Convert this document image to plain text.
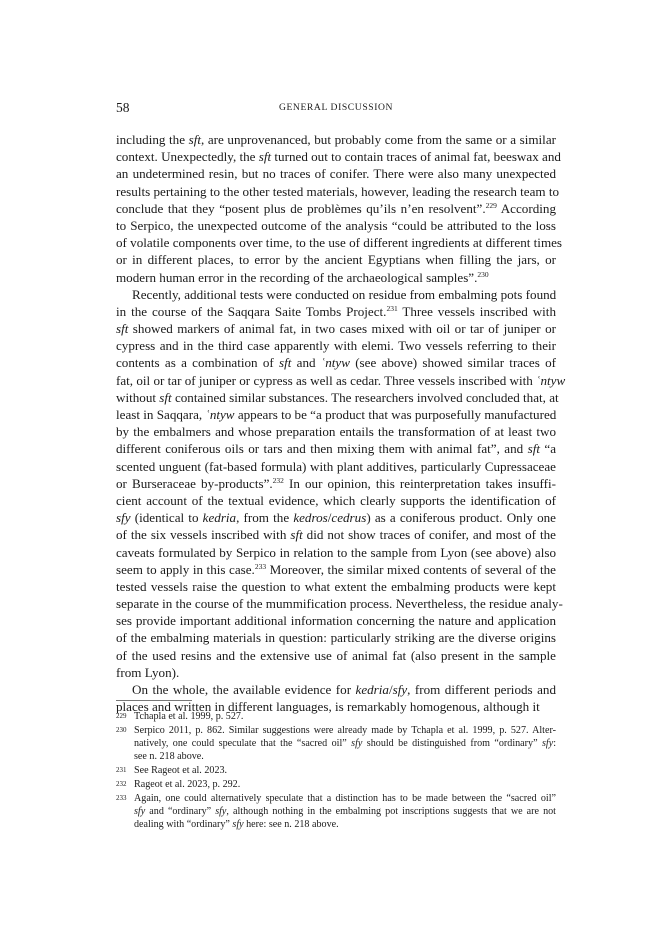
58	GENERAL DISCUSSION
including the sft, are unprovenanced, but probably come from the same or a similar
context. Unexpectedly, the sft turned out to contain traces of animal fat, beeswax and
an undetermined resin, but no traces of conifer. There were also many unexpected
results pertaining to the other tested materials, however, leading the research team to
conclude that they “posent plus de problèmes qu’ils n’en resolvent”.$^{229}$ According
to Serpico, the unexpected outcome of the analysis “could be attributed to the loss
of volatile components over time, to the use of different ingredients at different times
or in different places, to error by the ancient Egyptians when filling the jars, or
modern human error in the recording of the archaeological samples”.$^{230}$
Recently, additional tests were conducted on residue from embalming pots found
in the course of the Saqqara Saite Tombs Project.$^{231}$ Three vessels inscribed with
sft showed markers of animal fat, in two cases mixed with oil or tar of juniper or
cypress and in the third case apparently with elemi. Two vessels referring to their
contents as a combination of sft and ʿntyw (see above) showed similar traces of
fat, oil or tar of juniper or cypress as well as cedar. Three vessels inscribed with ʿntyw
without sft contained similar substances. The researchers involved concluded that, at
least in Saqqara, ʿntyw appears to be “a product that was purposefully manufactured
by the embalmers and whose preparation entails the transformation of at least two
different coniferous oils or tars and then mixing them with animal fat”, and sft “a
scented unguent (fat-based formula) with plant additives, particularly Cupressaceae
or Burseraceae by-products”.$^{232}$ In our opinion, this reinterpretation takes insuffi-
cient account of the textual evidence, which clearly supports the identification of
sfy (identical to kedria, from the kedros/cedrus) as a coniferous product. Only one
of the six vessels inscribed with sft did not show traces of conifer, and most of the
caveats formulated by Serpico in relation to the sample from Lyon (see above) also
seem to apply in this case.$^{233}$ Moreover, the similar mixed contents of several of the
tested vessels raise the question to what extent the embalming products were kept
separate in the course of the mummification process. Nevertheless, the residue analy-
ses provide important additional information concerning the nature and application
of the embalming materials in question: particularly striking are the diverse origins
of the used resins and the extensive use of animal fat (also present in the sample
from Lyon).
On the whole, the available evidence for kedria/sfy, from different periods and
places and written in different languages, is remarkably homogenous, although it
229 Tchapla et al. 1999, p. 527.
230 Serpico 2011, p. 862. Similar suggestions were already made by Tchapla et al. 1999, p. 527. Alter-
natively, one could speculate that the “sacred oil” sfy should be distinguished from “ordinary” sfy:
see n. 218 above.
231 See Rageot et al. 2023.
232 Rageot et al. 2023, p. 292.
233 Again, one could alternatively speculate that a distinction has to be made between the “sacred oil”
sfy and “ordinary” sfy, although nothing in the embalming pot inscriptions suggests that we are not
dealing with “ordinary” sfy here: see n. 218 above.
